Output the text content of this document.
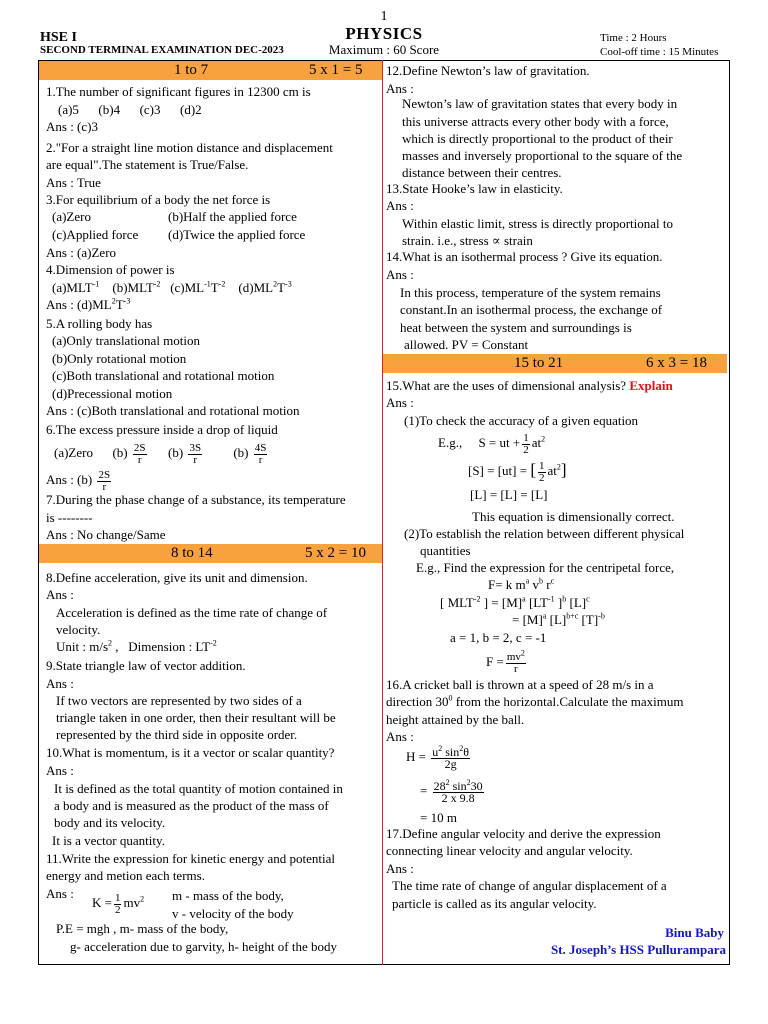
1
HSE I
SECOND TERMINAL EXAMINATION DEC-2023
PHYSICS
Maximum : 60 Score
Time : 2 Hours
Cool-off time : 15 Minutes
1 to 7	5 x 1 = 5
8 to 14	5 x 2 = 10
15 to 21	6 x 3 = 18
1.The number of significant figures in 12300 cm is
(a)5      (b)4      (c)3      (d)2
Ans : (c)3
2."For a straight line motion distance and displacement
are equal".The statement is True/False.
Ans : True
3.For equilibrium of a body the net force is
(a)Zero	(b)Half the applied force
(c)Applied force (d)Twice the applied force
Ans : (a)Zero
4.Dimension of power is
$(a)MLT^{-1}$    $(b)MLT^{-2}$   $(c)ML^{-1}T^{-2}$    $(d)ML^2T^{-3}$
Ans : $(d)ML^2T^{-3}$
5.A rolling body has
(a)Only translational motion
(b)Only rotational motion
(c)Both translational and rotational motion
(d)Precessional motion
Ans : (c)Both translational and rotational motion
6.The excess pressure inside a drop of liquid
(a)Zero $(b) \frac{2S}{r} (b) \frac{3S}{r} (b) \frac{4S}{r}$
Ans : $(b) \frac{2S}{r}$
7.During the phase change of a substance, its temperature
is --------
Ans : No change/Same
8.Define acceleration, give its unit and dimension.
Ans :
Acceleration is defined as the time rate of change of
velocity.
Unit : $m/s^2$ ,   Dimension : $LT^{-2}$
9.State triangle law of vector addition.
Ans :
If two vectors are represented by two sides of a
triangle taken in one order, then their resultant will be
represented by the third side in opposite order.
10.What is momentum, is it a vector or scalar quantity?
Ans :
It is defined as the total quantity of motion contained in
a body and is measured as the product of the mass of
body and its velocity.
It is a vector quantity.
11.Write the expression for kinetic energy and potential
energy and metion each terms.
Ans :
$K = \frac{1}{2} mv^2$ m - mass of the body,
v - velocity of the body
P.E = mgh , m- mass of the body,
g- acceleration due to garvity, h- height of the body
12.Define Newton’s law of gravitation.
Ans :
Newton’s law of gravitation states that every body in
this universe attracts every other body with a force,
which is directly proportional to the product of their
masses and inversely proportional to the square of the
distance between their centres.
13.State Hooke’s law in elasticity.
Ans :
Within elastic limit, stress is directly proportional to
strain. i.e., stress ∝ strain
14.What is an isothermal process ? Give its equation.
Ans :
In this process, temperature of the system remains
constant.In an isothermal process, the exchange of
heat between the system and surroundings is
allowed. PV = Constant
15.What are the uses of dimensional analysis? Explain
Ans :
(1)To check the accuracy of a given equation
E.g., S = ut + $\frac{1}{2} at^2$
[S] = [ut] = [ $\frac{1}{2} at^2$]
[L] = [L] = [L]
This equation is dimensionally correct.
(2)To establish the relation between different physical
quantities
E.g., Find the expression for the centripetal force,
F= k $m^a$ $v^b$ $r^c$
[ $MLT^{-2}$ ] = $[M]^a$ [$LT^{-1}$ ]$^b$ $[L]^c$
= $[M]^a$ $[L]^{b+c}$ $[T]^{-b}$
a = 1, b = 2, c = -1
$F = \frac{mv^2}{r}$
16.A cricket ball is thrown at a speed of 28 m/s in a
direction $30^0$ from the horizontal.Calculate the maximum
height attained by the ball.
Ans :
$H = \frac{u^2 \sin^2\theta}{2g}$
= $\frac{28^2 \sin^230}{2 x 9.8}$
= 10 m
17.Define angular velocity and derive the expression
connecting linear velocity and angular velocity.
Ans :
The time rate of change of angular displacement of a
particle is called as its angular velocity.
Binu Baby
St. Joseph’s HSS Pullurampara
